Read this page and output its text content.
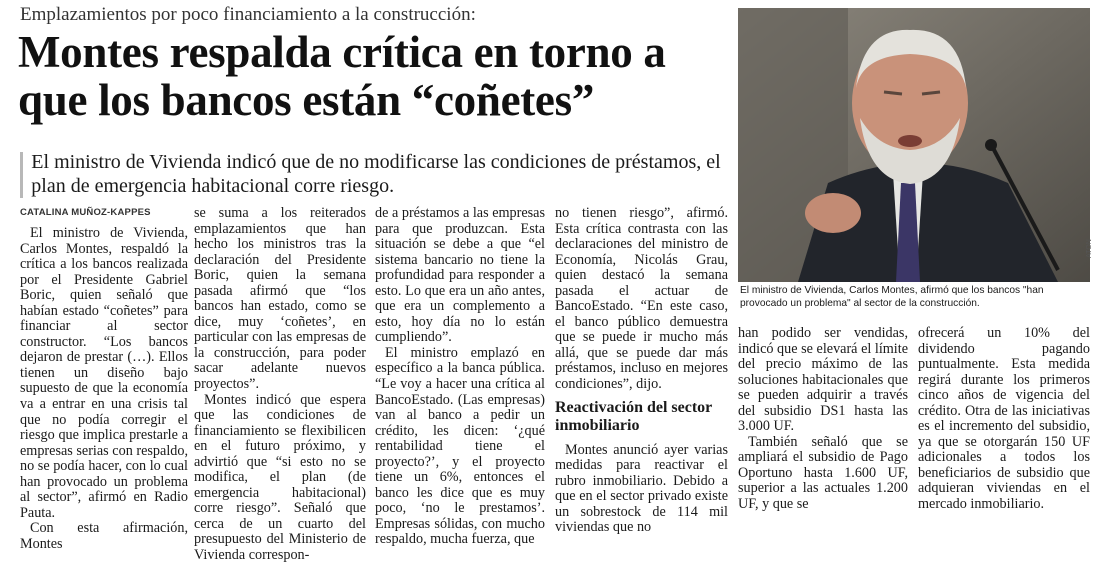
Emplazamientos por poco financiamiento a la construcción:
Montes respalda crítica en torno a que los bancos están “coñetes”
El ministro de Vivienda indicó que de no modificarse las condiciones de préstamos, el plan de emergencia habitacional corre riesgo.
CATALINA MUÑOZ-KAPPES

El ministro de Vivienda, Carlos Montes, respaldó la crítica a los bancos realizada por el Presidente Gabriel Boric, quien señaló que habían estado “coñetes” para financiar al sector constructor. “Los bancos dejaron de prestar (…). Ellos tienen un diseño bajo supuesto de que la economía va a entrar en una crisis tal que no podía corregir el riesgo que implica prestarle a empresas serias con respaldo, no se podía hacer, con lo cual han provocado un problema al sector”, afirmó en Radio Pauta.

Con esta afirmación, Montes

se suma a los reiterados emplazamientos que han hecho los ministros tras la declaración del Presidente Boric, quien la semana pasada afirmó que “los bancos han estado, como se dice, muy ‘coñetes’, en particular con las empresas de la construcción, para poder sacar adelante nuevos proyectos”.

Montes indicó que espera que las condiciones de financiamiento se flexibilicen en el futuro próximo, y advirtió que “si esto no se modifica, el plan (de emergencia habitacional) corre riesgo”. Señaló que cerca de un cuarto del presupuesto del Ministerio de Vivienda correspon-

de a préstamos a las empresas para que produzcan. Esta situación se debe a que “el sistema bancario no tiene la profundidad para responder a esto. Lo que era un año antes, que era un complemento a esto, hoy día no lo están cumpliendo”.

El ministro emplazó en específico a la banca pública. “Le voy a hacer una crítica al BancoEstado. (Las empresas) van al banco a pedir un crédito, les dicen: ‘¿qué rentabilidad tiene el proyecto?’, y el proyecto tiene un 6%, entonces el banco les dice que es muy poco, ‘no le prestamos’. Empresas sólidas, con mucho respaldo, mucha fuerza, que

no tienen riesgo”, afirmó. Esta crítica contrasta con las declaraciones del ministro de Economía, Nicolás Grau, quien destacó la semana pasada el actuar de BancoEstado. “En este caso, el banco público demuestra que se puede ir mucho más allá, que se puede dar más préstamos, incluso en mejores condiciones”, dijo.

Reactivación del sector inmobiliario

Montes anunció ayer varias medidas para reactivar el rubro inmobiliario. Debido a que en el sector privado existe un sobrestock de 114 mil viviendas que no

ATON
El ministro de Vivienda, Carlos Montes, afirmó que los bancos "han provocado un problema" al sector de la construcción.

han podido ser vendidas, indicó que se elevará el límite del precio máximo de las soluciones habitacionales que se pueden adquirir a través del subsidio DS1 hasta las 3.000 UF.

También señaló que se ampliará el subsidio de Pago Oportuno hasta 1.600 UF, superior a las actuales 1.200 UF, y que se

ofrecerá un 10% del dividendo pagando puntualmente. Esta medida regirá durante los primeros cinco años de vigencia del crédito. Otra de las iniciativas es el incremento del subsidio, ya que se otorgarán 150 UF adicionales a todos los beneficiarios de subsidio que adquieran viviendas en el mercado inmobiliario.
